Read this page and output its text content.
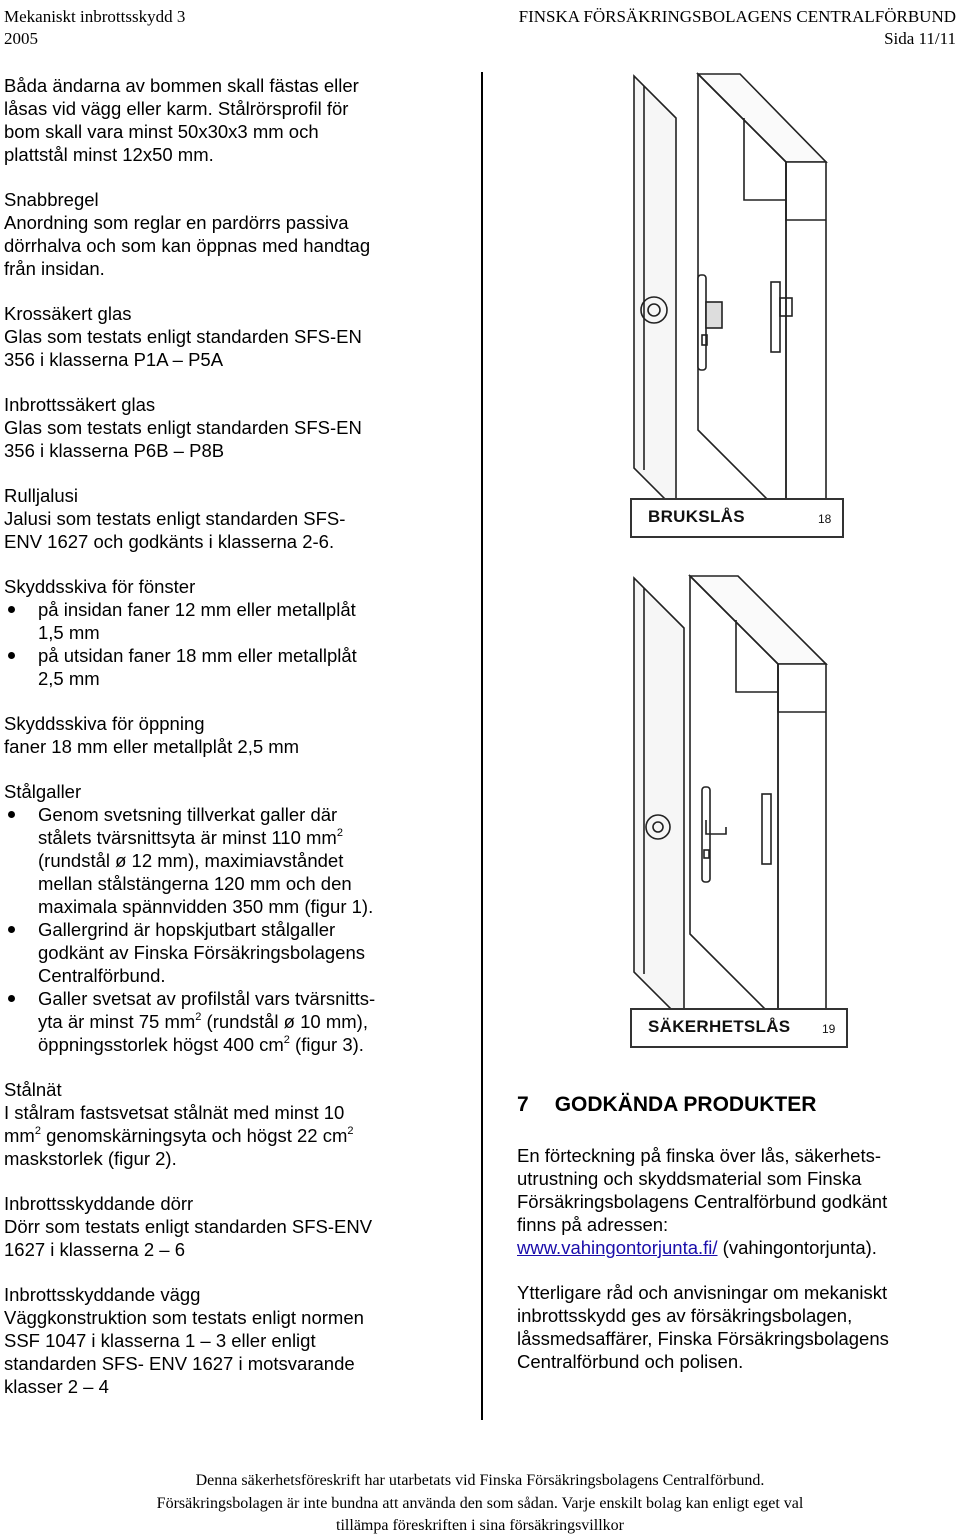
Mekaniskt inbrottsskydd 3
2005
FINSKA FÖRSÄKRINGSBOLAGENS CENTRALFÖRBUND
Sida 11/11

Båda ändarna av bommen skall fästas eller

låsas vid vägg eller karm. Stålrörsprofil för

bom skall vara minst 50x30x3 mm och

plattstål minst 12x50 mm.

Snabbregel

Anordning som reglar en pardörrs passiva

dörrhalva och som kan öppnas med handtag

från insidan.

Krossäkert glas

Glas som testats enligt standarden SFS-EN

356 i klasserna P1A – P5A

Inbrottssäkert glas

Glas som testats enligt standarden SFS-EN

356 i klasserna P6B – P8B

Rulljalusi

Jalusi som testats enligt standarden SFS-

ENV 1627 och godkänts i klasserna 2-6.

Skyddsskiva för fönster

på insidan faner 12 mm eller metallplåt
1,5 mm
på utsidan faner 18 mm eller metallplåt
2,5 mm

Skyddsskiva för öppning

faner 18 mm eller metallplåt 2,5 mm

Stålgaller

Genom svetsning tillverkat galler där
stålets tvärsnittsyta är minst 110 $mm^2$
(rundstål ø 12 mm), maximiavståndet
mellan stålstängerna 120 mm och den
maximala spännvidden 350 mm (figur 1).
Gallergrind är hopskjutbart stålgaller
godkänt av Finska Försäkringsbolagens
Centralförbund.
Galler svetsat av profilstål vars tvärsnitts-
yta är minst 75 $mm^2$ (rundstål ø 10 mm),
öppningsstorlek högst 400 $cm^2$ (figur 3).

Stålnät

I stålram fastsvetsat stålnät med minst 10

$mm^2$ genomskärningsyta och högst 22 $cm^2$

maskstorlek (figur 2).

Inbrottsskyddande dörr

Dörr som testats enligt standarden SFS-ENV

1627 i klasserna 2 – 6

Inbrottsskyddande vägg

Väggkonstruktion som testats enligt normen

SSF 1047 i klasserna 1 – 3 eller enligt

standarden SFS- ENV 1627 i motsvarande

klasser 2 – 4

BRUKSLÅS	18
SÄKERHETSLÅS	19

7 GODKÄNDA PRODUKTER

En förteckning på finska över lås, säkerhets-

utrustning och skyddsmaterial som Finska

Försäkringsbolagens Centralförbund godkänt

finns på adressen:

www.vahingontorjunta.fi/ (vahingontorjunta).

Ytterligare råd och anvisningar om mekaniskt

inbrottsskydd ges av försäkringsbolagen,

låssmedsaffärer, Finska Försäkringsbolagens

Centralförbund och polisen.

Denna säkerhetsföreskrift har utarbetats vid Finska Försäkringsbolagens Centralförbund.
Försäkringsbolagen är inte bundna att använda den som sådan. Varje enskilt bolag kan enligt eget val
tillämpa föreskriften i sina försäkringsvillkor
